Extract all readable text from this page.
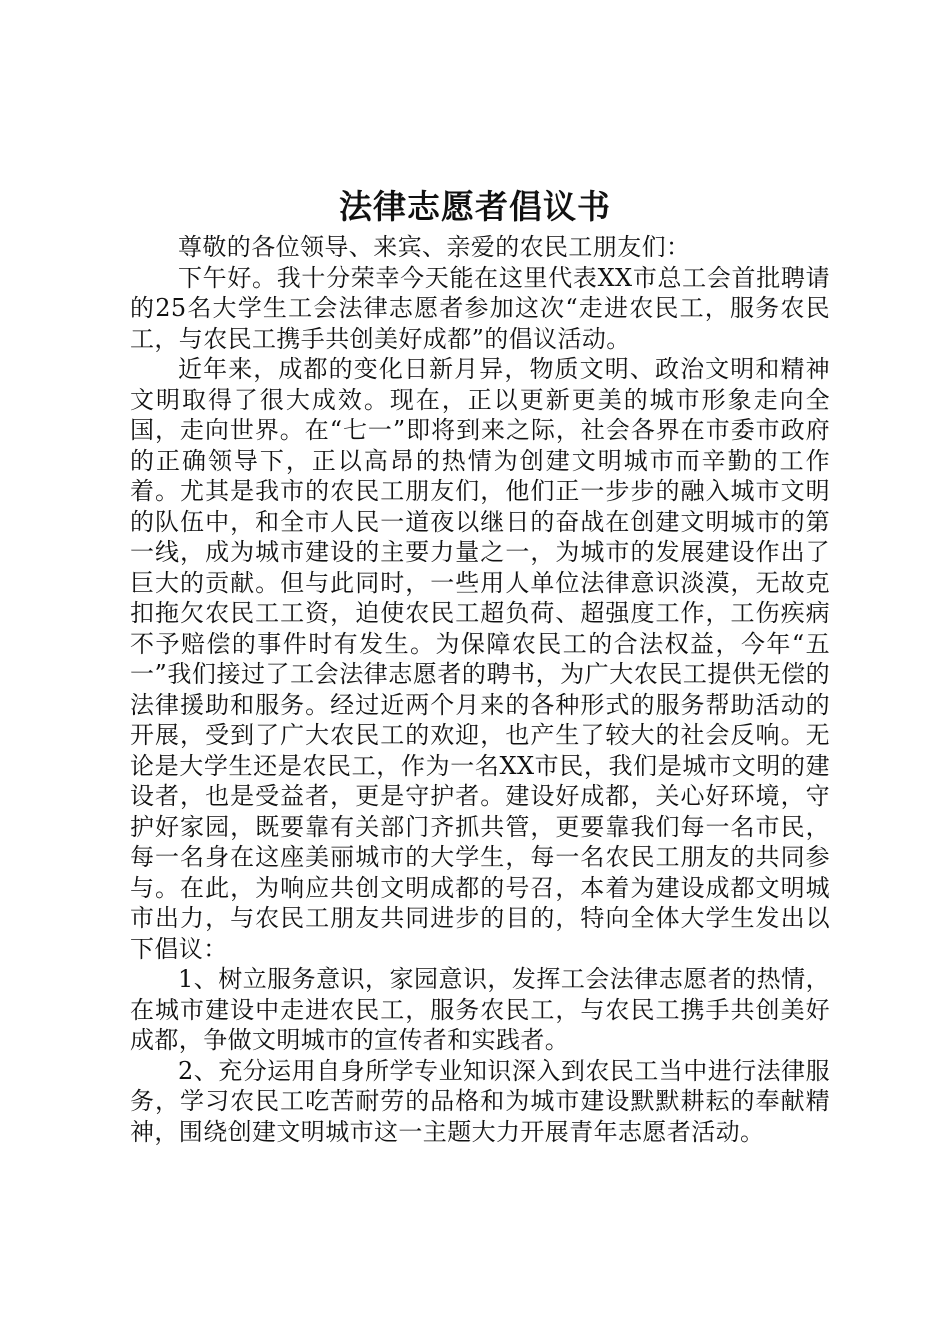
法律志愿者倡议书

尊敬的各位领导、来宾、亲爱的农民工朋友们：

下午好。我十分荣幸今天能在这里代表XX市总工会首批聘请的25名大学生工会法律志愿者参加这次“走进农民工，服务农民工，与农民工携手共创美好成都”的倡议活动。

近年来，成都的变化日新月异，物质文明、政治文明和精神文明取得了很大成效。现在，正以更新更美的城市形象走向全国，走向世界。在“七一”即将到来之际，社会各界在市委市政府的正确领导下，正以高昂的热情为创建文明城市而辛勤的工作着。尤其是我市的农民工朋友们，他们正一步步的融入城市文明的队伍中，和全市人民一道夜以继日的奋战在创建文明城市的第一线，成为城市建设的主要力量之一，为城市的发展建设作出了巨大的贡献。但与此同时，一些用人单位法律意识淡漠，无故克扣拖欠农民工工资，迫使农民工超负荷、超强度工作，工伤疾病不予赔偿的事件时有发生。为保障农民工的合法权益，今年“五一”我们接过了工会法律志愿者的聘书，为广大农民工提供无偿的法律援助和服务。经过近两个月来的各种形式的服务帮助活动的开展，受到了广大农民工的欢迎，也产生了较大的社会反响。无论是大学生还是农民工，作为一名XX市民，我们是城市文明的建设者，也是受益者，更是守护者。建设好成都，关心好环境，守护好家园，既要靠有关部门齐抓共管，更要靠我们每一名市民，每一名身在这座美丽城市的大学生，每一名农民工朋友的共同参与。在此，为响应共创文明成都的号召，本着为建设成都文明城市出力，与农民工朋友共同进步的目的，特向全体大学生发出以下倡议：

1、树立服务意识，家园意识，发挥工会法律志愿者的热情，在城市建设中走进农民工，服务农民工，与农民工携手共创美好成都，争做文明城市的宣传者和实践者。

2、充分运用自身所学专业知识深入到农民工当中进行法律服务，学习农民工吃苦耐劳的品格和为城市建设默默耕耘的奉献精神，围绕创建文明城市这一主题大力开展青年志愿者活动。
